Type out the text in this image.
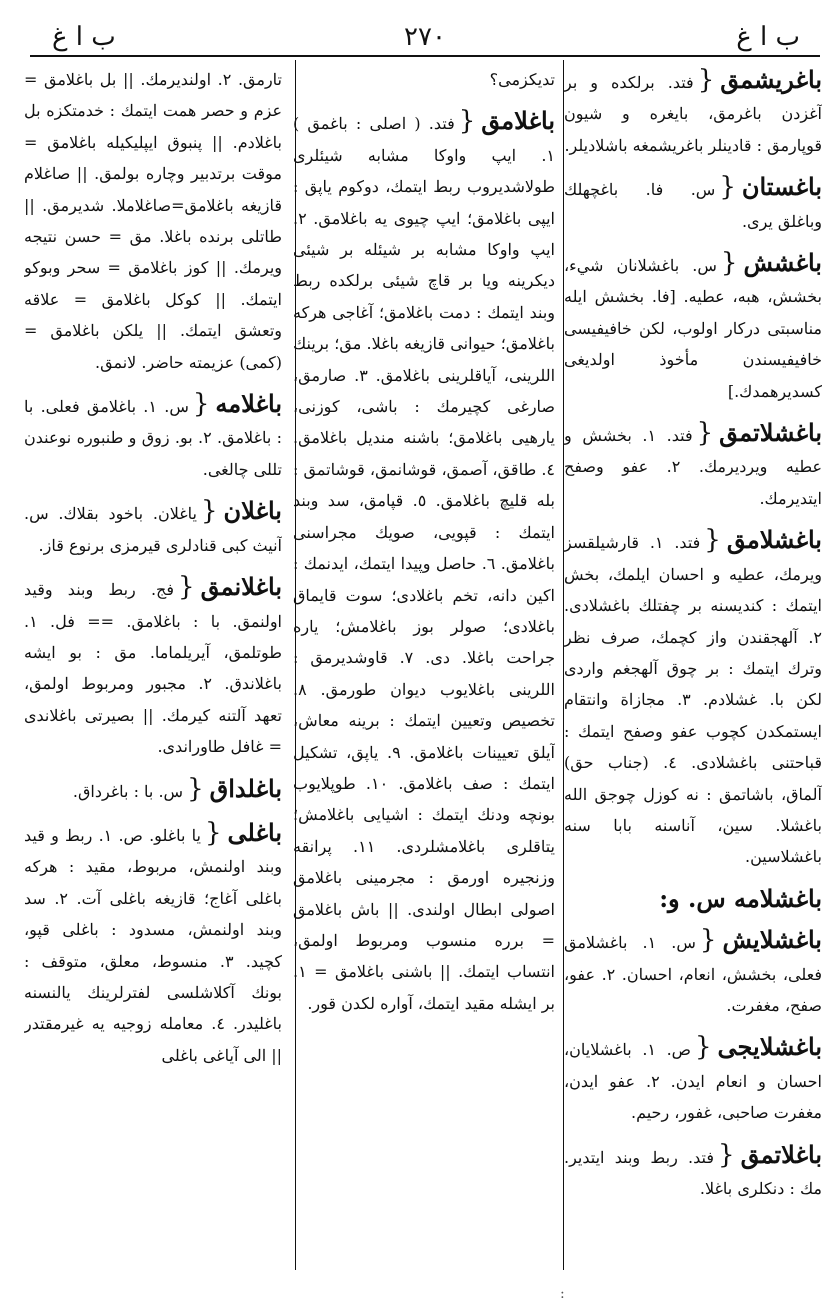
ب ا غ
٢٧٠
ب ا غ

باغريشمق{فتد. برلكده و بر آغزدن باغرمق، بايغره و شيون قوپارمق : قادينلر باغريشمغه باشلاديلر.

باغستان{س. فا. باغچهلك وباغلق يرى.

باغشش{س. باغشلانان شيء، بخشش، هبه، عطيه. [فا. بخشش ايله مناسبتى دركار اولوب، لكن خافيفيسى خافيفيسندن مأخوذ اولديغى كسديرهمدك.]

باغشلاتمق{فتد. ١. بخشش و عطيه ويرديرمك. ٢. عفو وصفح ايتديرمك.

باغشلامق{فتد. ١. قارشيلقسز ويرمك، عطيه و احسان ايلمك، بخش ايتمك : كنديسنه بر چفتلك باغشلادى. ٢. آلهجقندن واز كچمك، صرف نظر وترك ايتمك : بر چوق آلهجغم واردى لكن با. غشلادم. ٣. مجازاة وانتقام ايستمكدن كچوب عفو وصفح ايتمك : قباحتنى باغشلادى. ٤. (جناب حق) آلماق، باشاتمق : نه كوزل چوجق الله باغشلا. سين، آناسنه بابا سنه باغشلاسين.

باغشلامه س. و:

باغشلايش{س. ١. باغشلامق فعلى، بخشش، انعام، احسان. ٢. عفو، صفح، مغفرت.

باغشلايجى{ص. ١. باغشلايان، احسان و انعام ايدن. ٢. عفو ايدن، مغفرت صاحبى، غفور، رحيم.

باغلاتمق{فتد. ربط وبند ايتدير. مك : دنكلرى باغلا.

تديكزمى؟

باغلامق{فتد. ( اصلى : باغمق ) ١. ايپ واوكا مشابه شيئلرى طولاشديروب ربط ايتمك، دوكوم ياپق : ايپى باغلامق؛ ايپ چيوى يه باغلامق. ٢. ايپ واوكا مشابه بر شيئله بر شيئى ديكرينه ويا بر قاچ شيئى برلكده ربط وبند ايتمك : دمت باغلامق؛ آغاجى هركه باغلامق؛ حيوانى قازيغه باغلا. مق؛ برينك اللرينى، آياقلرينى باغلامق. ٣. صارمق، صارغى كچيرمك : باشى، كوزنى، يارهيى باغلامق؛ باشنه منديل باغلامق. ٤. طاقق، آصمق، قوشانمق، قوشاتمق : بله قليچ باغلامق. ٥. قپامق، سد وبند ايتمك : قپويى، صويك مجراسنى باغلامق. ٦. حاصل وپيدا ايتمك، ايدنمك : اكين دانه، تخم باغلادى؛ سوت قايماق باغلادى؛ صولر بوز باغلامش؛ ياره جراحت باغلا. دى. ٧. قاوشديرمق : اللرينى باغلايوب ديوان طورمق. ٨. تخصيص وتعيين ايتمك : برينه معاش، آيلق تعيينات باغلامق. ٩. ياپق، تشكيل ايتمك : صف باغلامق. ١٠. طوپلايوب بونچه ودنك ايتمك : اشيايى باغلامش؛ يتاقلرى باغلامشلردى. ١١. پرانقه وزنجيره اورمق : مجرمينى باغلامق اصولى ابطال اولندى. || باش باغلامق = برره منسوب ومربوط اولمق، انتساب ايتمك. || باشنى باغلامق = ١. بر ايشله مقيد ايتمك، آواره لكدن قور.

تارمق. ٢. اولنديرمك. || بل باغلامق = عزم و حصر همت ايتمك : خدمتكزه بل باغلادم. || پنبوق ايپليكيله باغلامق = موقت برتدبير وچاره بولمق. || صاغلام قازيغه باغلامق=صاغلاملا. شديرمق. || طاتلى برنده باغلا. مق = حسن نتيجه ويرمك. || كوز باغلامق = سحر وبوكو ايتمك. || كوكل باغلامق = علاقه وتعشق ايتمك. || يلكن باغلامق = (كمى) عزيمته حاضر. لانمق.

باغلامه{س. ١. باغلامق فعلى. با : باغلامق. ٢. بو. زوق و طنبوره نوعندن تللى چالغى.

باغلان{ياغلان. باخود بقلاك. س. آنيث كبى قنادلرى قيرمزى برنوع قاز.

باغلانمق{فج. ربط وبند وقيد اولنمق. با : باغلامق. == فل. ١. طوتلمق، آيريلماما. مق : بو ايشه باغلاندق. ٢. مجبور ومربوط اولمق، تعهد آلتنه كيرمك. || بصيرتى باغلاندى = غافل طاوراندى.

باغلداق{س. با : باغرداق.

باغلى{يا باغلو. ص. ١. ربط و قيد وبند اولنمش، مربوط، مقيد : هركه باغلى آغاج؛ قازيغه باغلى آت. ٢. سد وبند اولنمش، مسدود : باغلى قپو، كچيد. ٣. منسوط، معلق، متوقف : بونك آكلاشلسى لفترلرينك يالنسنه باغليدر. ٤. معامله زوجيه يه غيرمقتدر || الى آياغى باغلى

:
